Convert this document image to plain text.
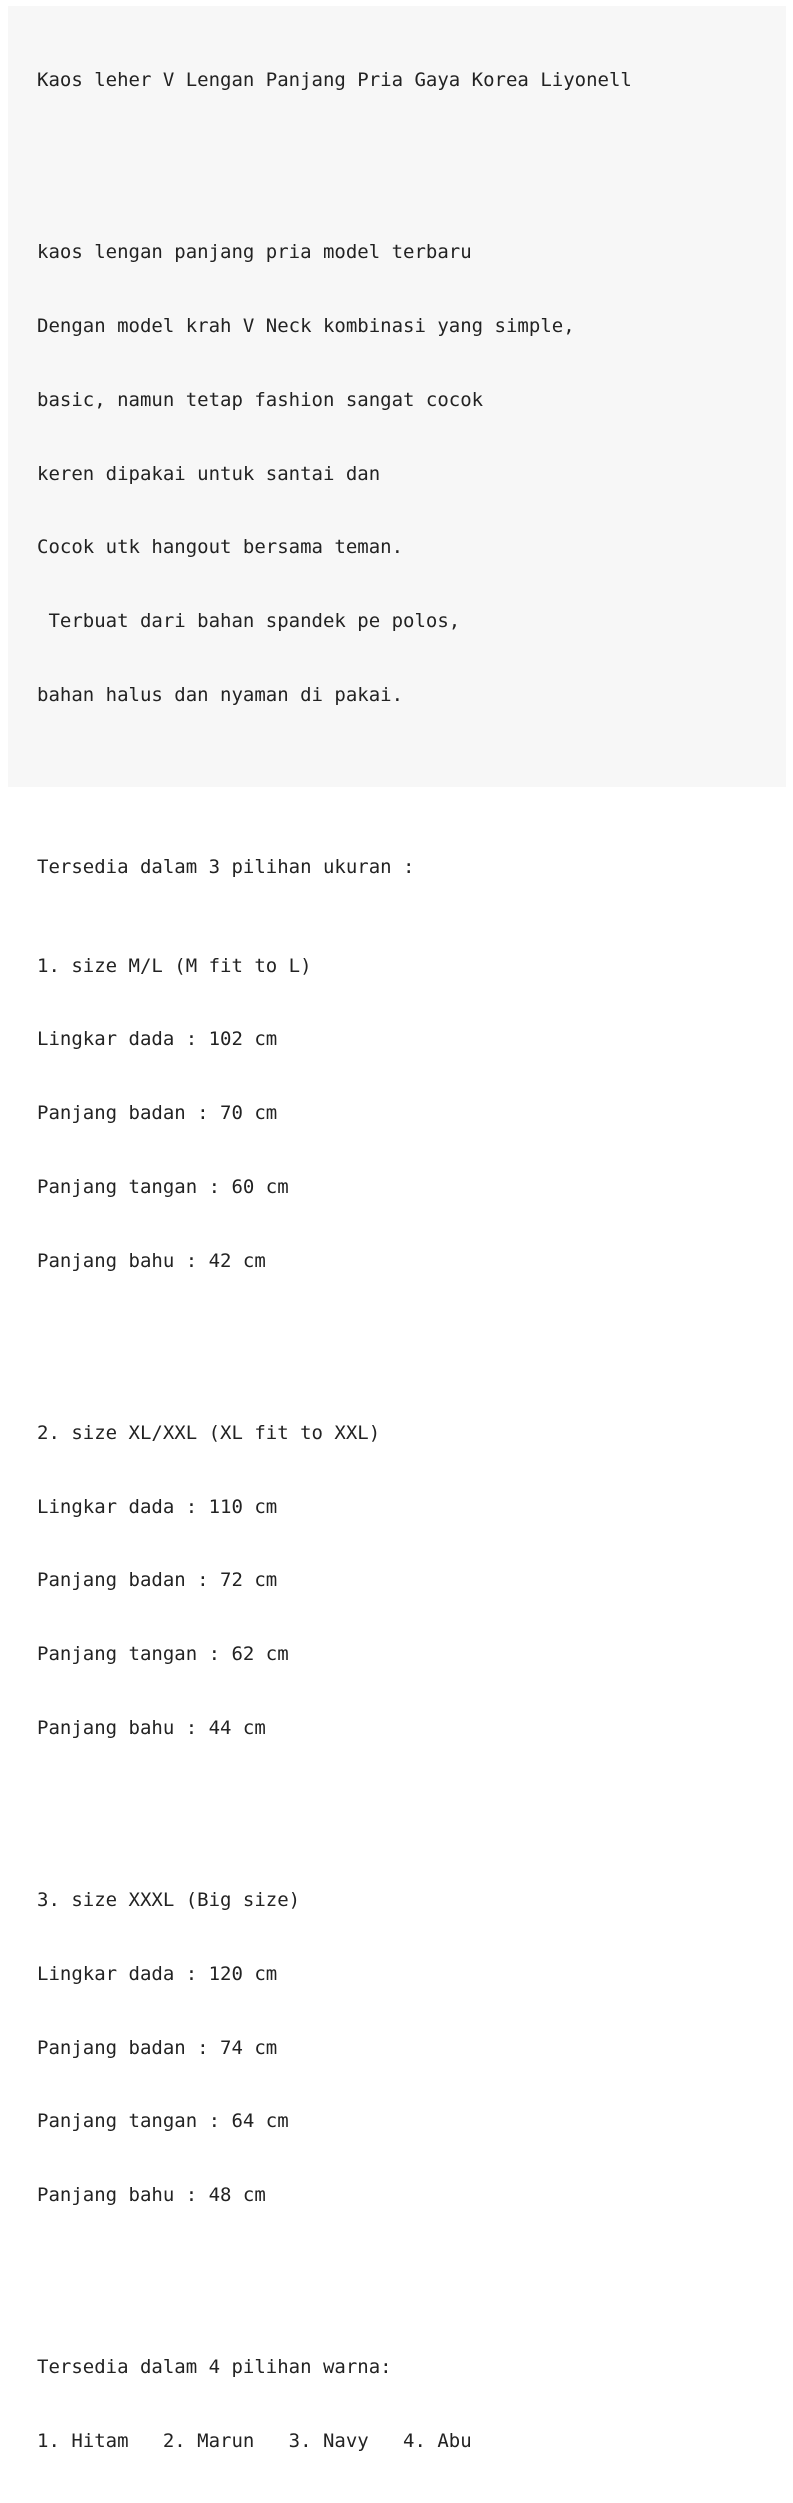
Kaos leher V Lengan Panjang Pria Gaya Korea Liyonell

kaos lengan panjang pria model terbaru

Dengan model krah V Neck kombinasi yang simple,

basic, namun tetap fashion sangat cocok

keren dipakai untuk santai dan

Cocok utk hangout bersama teman.

Terbuat dari bahan spandek pe polos,

bahan halus dan nyaman di pakai.

Tersedia dalam 3 pilihan ukuran :

1. size M/L (M fit to L)

Lingkar dada : 102 cm

Panjang badan : 70 cm

Panjang tangan : 60 cm

Panjang bahu : 42 cm

2. size XL/XXL (XL fit to XXL)

Lingkar dada : 110 cm

Panjang badan : 72 cm

Panjang tangan : 62 cm

Panjang bahu : 44 cm

3. size XXXL (Big size)

Lingkar dada : 120 cm

Panjang badan : 74 cm

Panjang tangan : 64 cm

Panjang bahu : 48 cm

Tersedia dalam 4 pilihan warna:

1. Hitam   2. Marun   3. Navy   4. Abu
